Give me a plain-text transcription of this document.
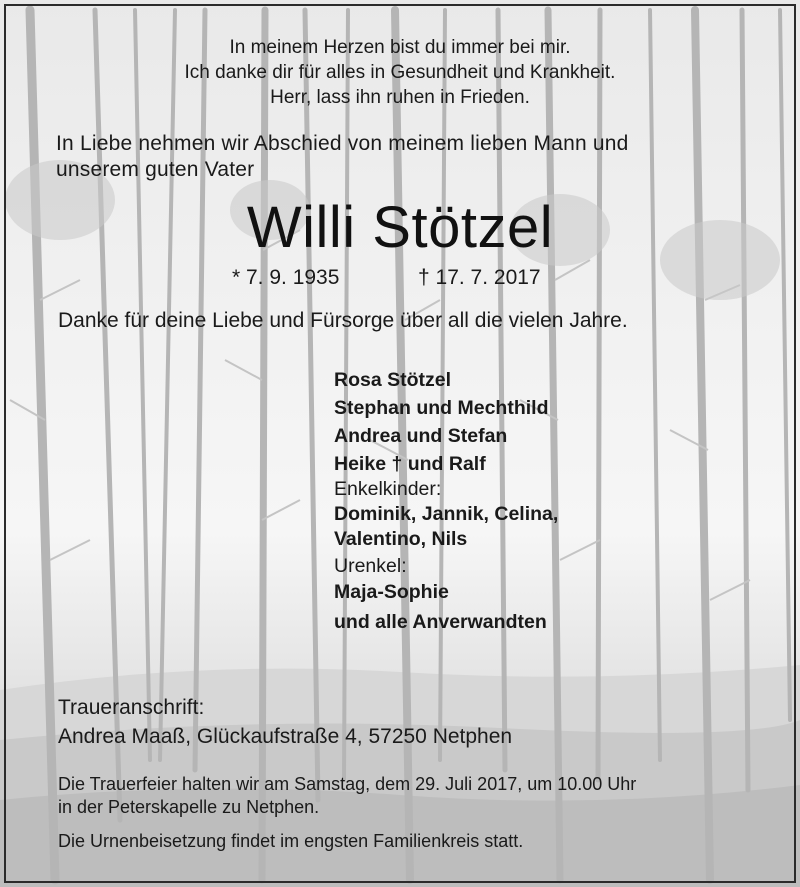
In meinem Herzen bist du immer bei mir.
Ich danke dir für alles in Gesundheit und Krankheit.
Herr, lass ihn ruhen in Frieden.
In Liebe nehmen wir Abschied von meinem lieben Mann und
unserem guten Vater
Willi Stötzel
* 7. 9. 1935	† 17. 7. 2017
Danke für deine Liebe und Fürsorge über all die vielen Jahre.
Rosa Stötzel
Stephan und Mechthild
Andrea und Stefan
Heike † und Ralf
Enkelkinder:
Dominik, Jannik, Celina,
Valentino, Nils
Urenkel:
Maja-Sophie
und alle Anverwandten
Traueranschrift:
Andrea Maaß, Glückaufstraße 4, 57250 Netphen
Die Trauerfeier halten wir am Samstag, dem 29. Juli 2017, um 10.00 Uhr
in der Peterskapelle zu Netphen.
Die Urnenbeisetzung findet im engsten Familienkreis statt.
